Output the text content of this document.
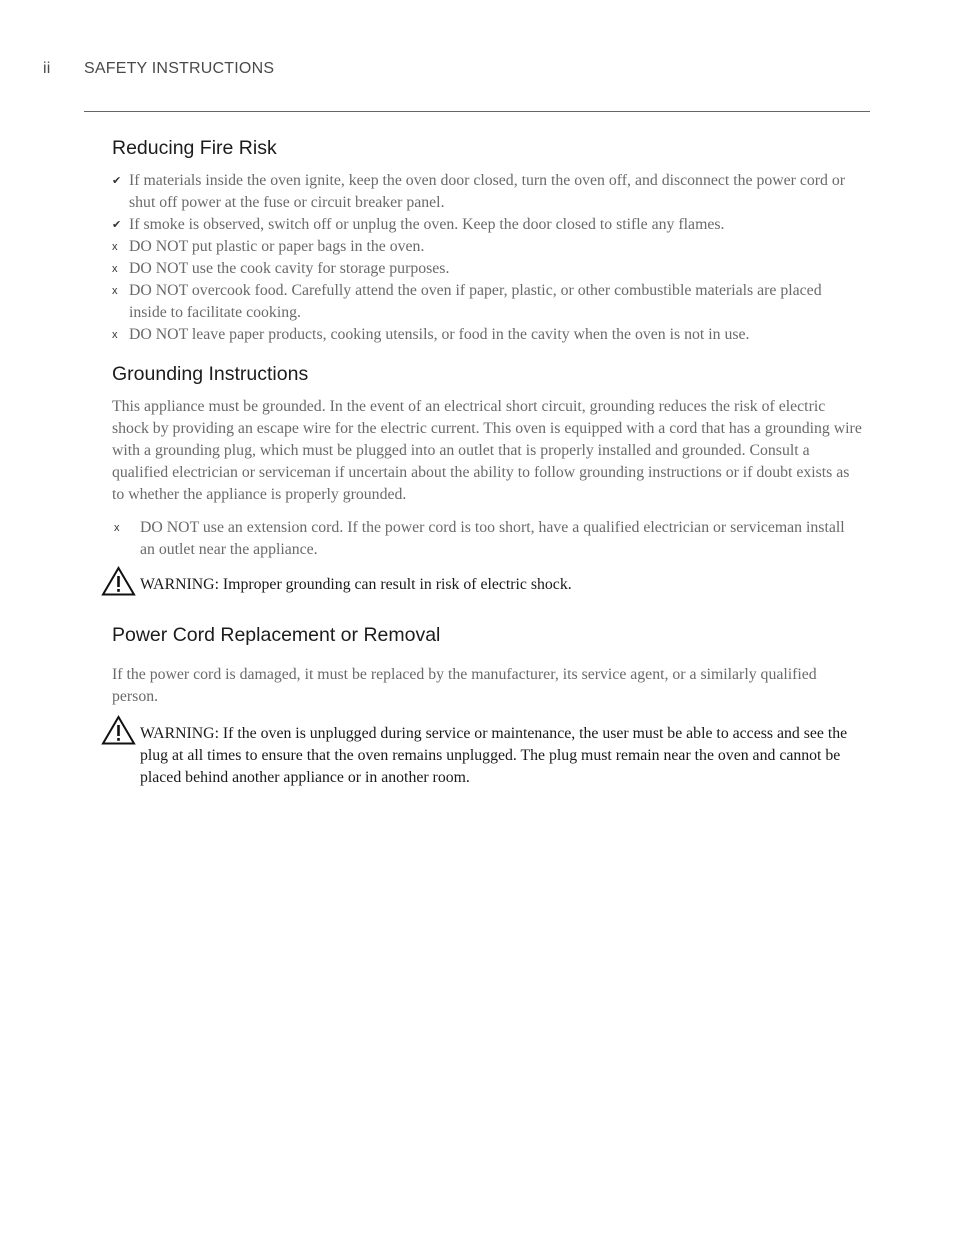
ii SAFETY INSTRUCTIONS
Reducing Fire Risk
✔ If materials inside the oven ignite, keep the oven door closed, turn the oven off, and disconnect the power cord or shut off power at the fuse or circuit breaker panel.
✔ If smoke is observed, switch off or unplug the oven. Keep the door closed to stifle any flames.
x DO NOT put plastic or paper bags in the oven.
x DO NOT use the cook cavity for storage purposes.
x DO NOT overcook food. Carefully attend the oven if paper, plastic, or other combustible materials are placed inside to facilitate cooking.
x DO NOT leave paper products, cooking utensils, or food in the cavity when the oven is not in use.
Grounding Instructions

This appliance must be grounded. In the event of an electrical short circuit, grounding reduces the risk of electric shock by providing an escape wire for the electric current. This oven is equipped with a cord that has a grounding wire with a grounding plug, which must be plugged into an outlet that is properly installed and grounded. Consult a qualified electrician or serviceman if uncertain about the ability to follow grounding instructions or if doubt exists as to whether the appliance is properly grounded.

x	DO NOT use an extension cord. If the power cord is too short, have a qualified electrician or serviceman install an outlet near the appliance.
WARNING: Improper grounding can result in risk of electric shock.
Power Cord Replacement or Removal

If the power cord is damaged, it must be replaced by the manufacturer, its service agent, or a similarly qualified person.

WARNING: If the oven is unplugged during service or maintenance, the user must be able to access and see the plug at all times to ensure that the oven remains unplugged. The plug must remain near the oven and cannot be placed behind another appliance or in another room.
